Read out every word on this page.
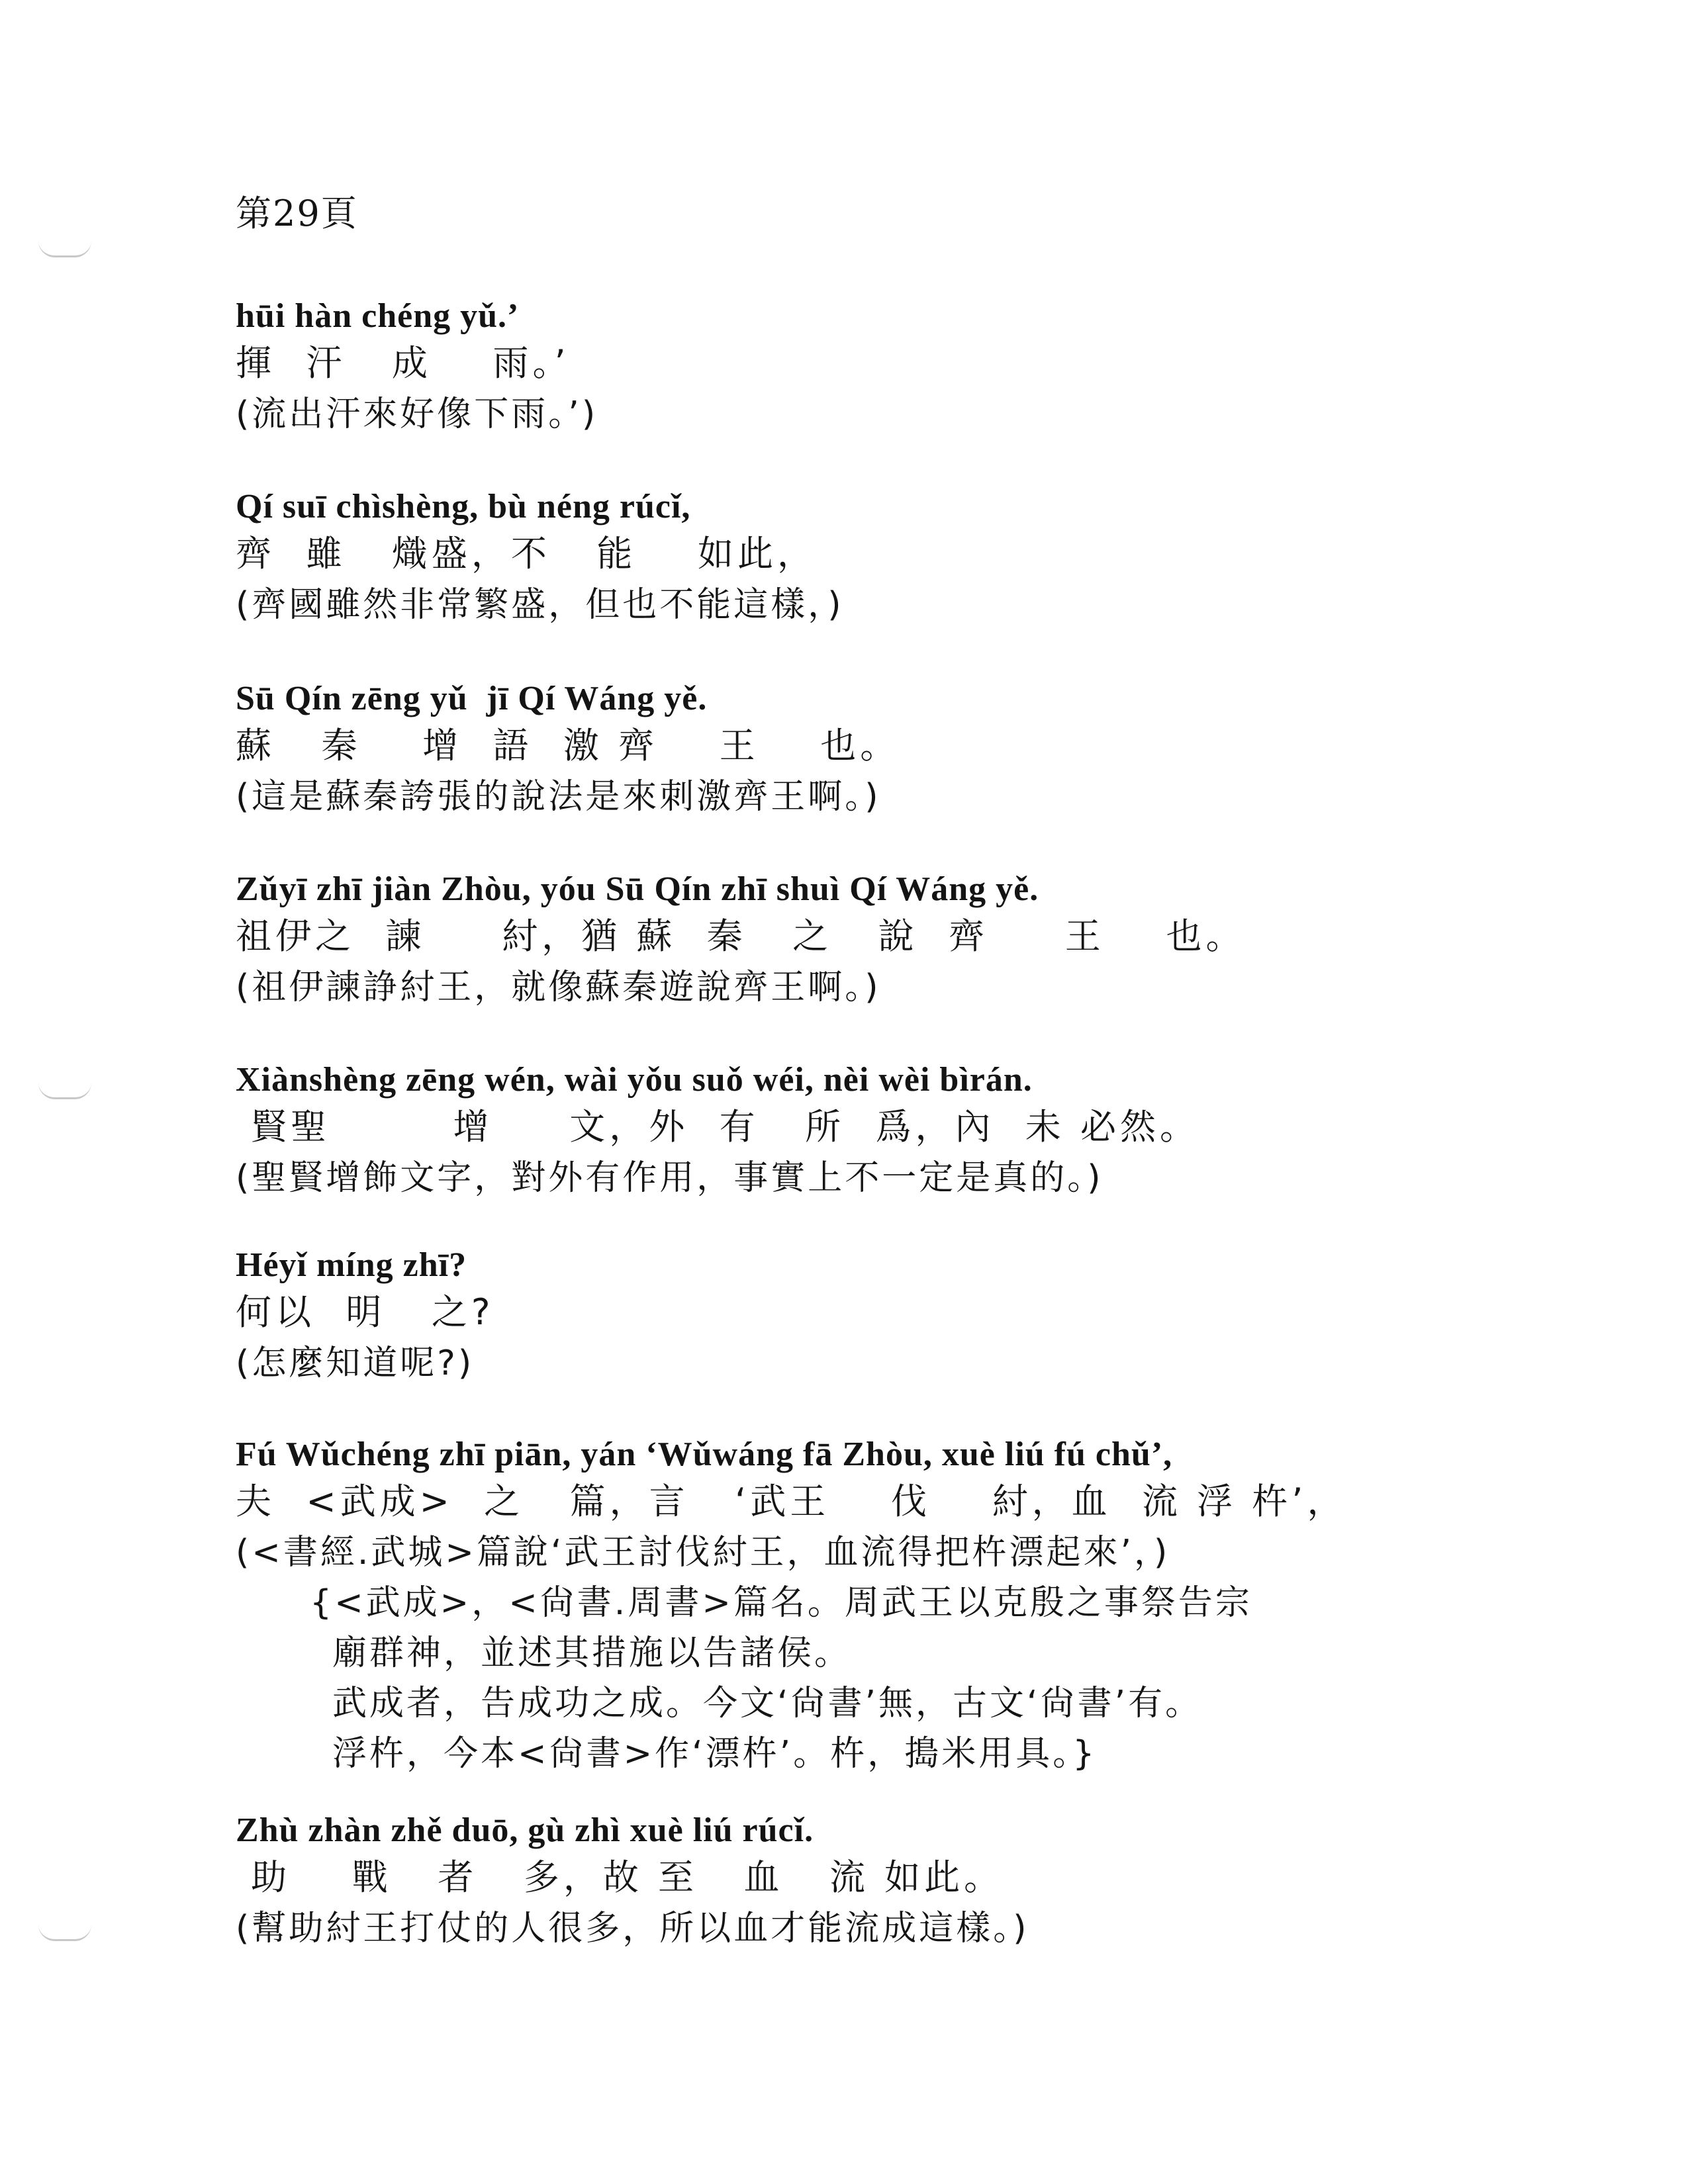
第29頁
hūi hàn chéng yǔ.’
揮  汗   成    雨。’
(流出汗來好像下雨。’)
Qí suī chìshèng, bù néng rúcǐ,
齊  雖   熾盛，不   能    如此，
(齊國雖然非常繁盛，但也不能這樣，)
Sū Qín zēng yǔ  jī Qí Wáng yě.
蘇   秦    增  語  激 齊    王    也。
(這是蘇秦誇張的說法是來刺激齊王啊。)
Zǔyī zhī jiàn Zhòu, yóu Sū Qín zhī shuì Qí Wáng yě.
祖伊之  諫     紂，猶 蘇  秦   之   說  齊     王    也。
(祖伊諫諍紂王，就像蘇秦遊說齊王啊。)
Xiànshèng zēng wén, wài yǒu suǒ wéi, nèi wèi bìrán.
賢聖        增     文，外  有   所  爲，內  未 必然。
(聖賢增飾文字，對外有作用，事實上不一定是真的。)
Héyǐ míng zhī?
何以  明   之?
(怎麼知道呢?)
Fú Wǔchéng zhī piān, yán ‘Wǔwáng fā Zhòu, xuè liú fú chǔ’,
夫  <武成>  之   篇，言   ‘武王    伐    紂，血  流 浮 杵’，
(<書經.武城>篇說‘武王討伐紂王，血流得把杵漂起來’，)
{<武成>，<尙書.周書>篇名。周武王以克殷之事祭告宗
廟群神，並述其措施以告諸侯。
武成者，告成功之成。今文‘尙書’無，古文‘尙書’有。
浮杵，今本<尙書>作‘漂杵’。杵，搗米用具。}
Zhù zhàn zhě duō, gù zhì xuè liú rúcǐ.
助    戰   者   多，故 至   血   流 如此。
(幫助紂王打仗的人很多，所以血才能流成這樣。)
